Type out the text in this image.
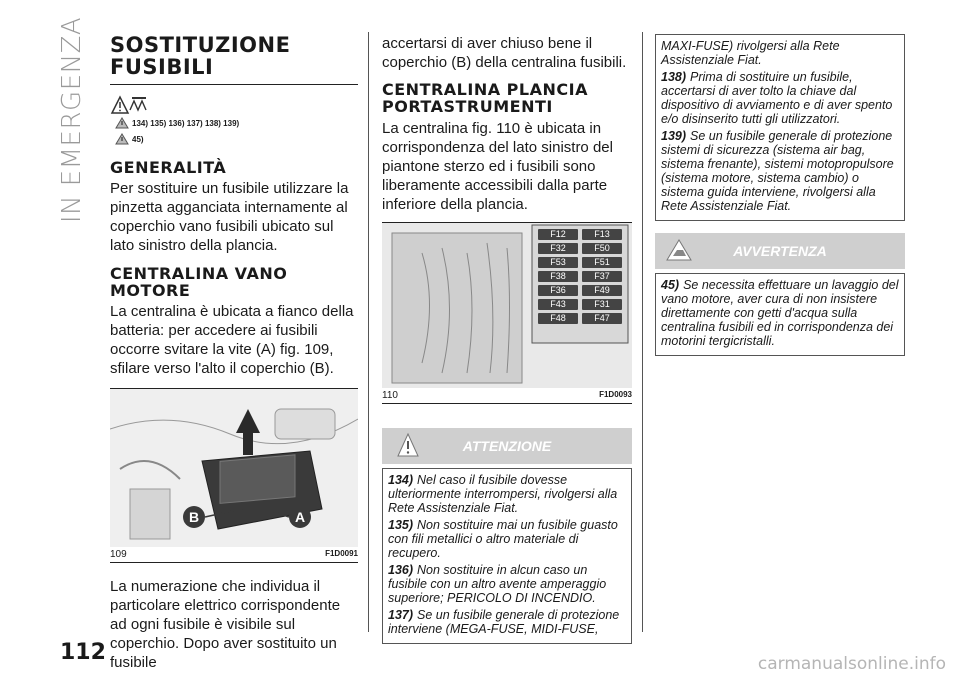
IN EMERGENZA
112	carmanualsonline.info
SOSTITUZIONE
FUSIBILI
134) 135) 136) 137) 138) 139)
45)
GENERALITÀ

Per sostituire un fusibile utilizzare la pinzetta agganciata internamente al coperchio vano fusibili ubicato sul lato sinistro della plancia.

CENTRALINA VANO
MOTORE

La centralina è ubicata a fianco della batteria: per accedere ai fusibili occorre svitare la vite (A) fig. 109, sfilare verso l'alto il coperchio (B).

B	A
109	F1D0091

La numerazione che individua il particolare elettrico corrispondente ad ogni fusibile è visibile sul coperchio. Dopo aver sostituito un fusibile

accertarsi di aver chiuso bene il coperchio (B) della centralina fusibili.

CENTRALINA PLANCIA
PORTASTRUMENTI

La centralina fig. 110 è ubicata in corrispondenza del lato sinistro del piantone sterzo ed i fusibili sono liberamente accessibili dalla parte inferiore della plancia.

F12	F13
F32	F50
F53	F51
F38	F37
F36	F49
F43	F31
F48	F47
110	F1D0093
ATTENZIONE

134) Nel caso il fusibile dovesse ulteriormente interrompersi, rivolgersi alla Rete Assistenziale Fiat.

135) Non sostituire mai un fusibile guasto con fili metallici o altro materiale di recupero.

136) Non sostituire in alcun caso un fusibile con un altro avente amperaggio superiore; PERICOLO DI INCENDIO.

137) Se un fusibile generale di protezione interviene (MEGA-FUSE, MIDI-FUSE,

MAXI-FUSE) rivolgersi alla Rete Assistenziale Fiat.

138) Prima di sostituire un fusibile, accertarsi di aver tolto la chiave dal dispositivo di avviamento e di aver spento e/o disinserito tutti gli utilizzatori.

139) Se un fusibile generale di protezione sistemi di sicurezza (sistema air bag, sistema frenante), sistemi motopropulsore (sistema motore, sistema cambio) o sistema guida interviene, rivolgersi alla Rete Assistenziale Fiat.

AVVERTENZA

45) Se necessita effettuare un lavaggio del vano motore, aver cura di non insistere direttamente con getti d'acqua sulla centralina fusibili ed in corrispondenza dei motorini tergicristalli.
